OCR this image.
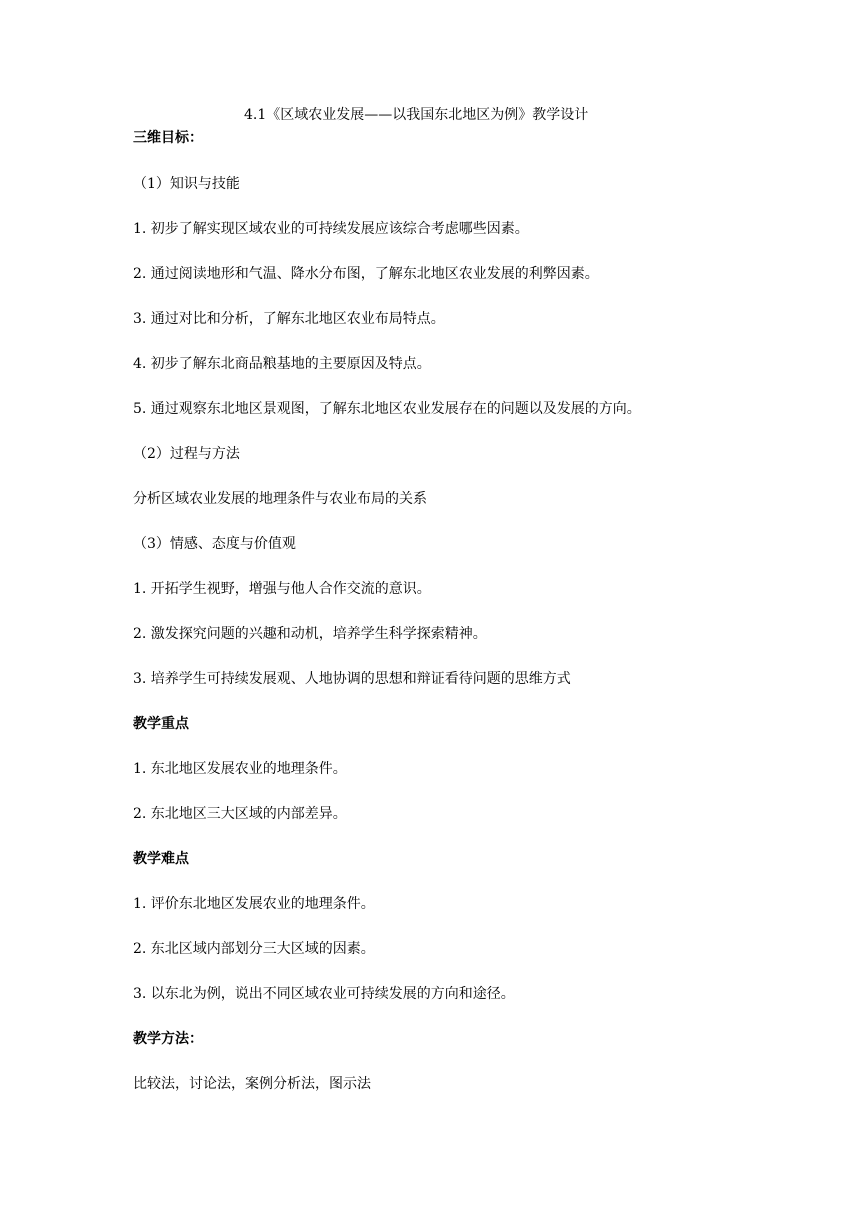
4.1《区域农业发展——以我国东北地区为例》教学设计
三维目标：
（1）知识与技能
1. 初步了解实现区域农业的可持续发展应该综合考虑哪些因素。
2. 通过阅读地形和气温、降水分布图，了解东北地区农业发展的利弊因素。
3. 通过对比和分析，了解东北地区农业布局特点。
4. 初步了解东北商品粮基地的主要原因及特点。
5. 通过观察东北地区景观图，了解东北地区农业发展存在的问题以及发展的方向。
（2）过程与方法
分析区域农业发展的地理条件与农业布局的关系
（3）情感、态度与价值观
1. 开拓学生视野，增强与他人合作交流的意识。
2. 激发探究问题的兴趣和动机，培养学生科学探索精神。
3. 培养学生可持续发展观、人地协调的思想和辩证看待问题的思维方式
教学重点
1. 东北地区发展农业的地理条件。
2. 东北地区三大区域的内部差异。
教学难点
1. 评价东北地区发展农业的地理条件。
2. 东北区域内部划分三大区域的因素。
3. 以东北为例，说出不同区域农业可持续发展的方向和途径。
教学方法：
比较法，讨论法，案例分析法，图示法
